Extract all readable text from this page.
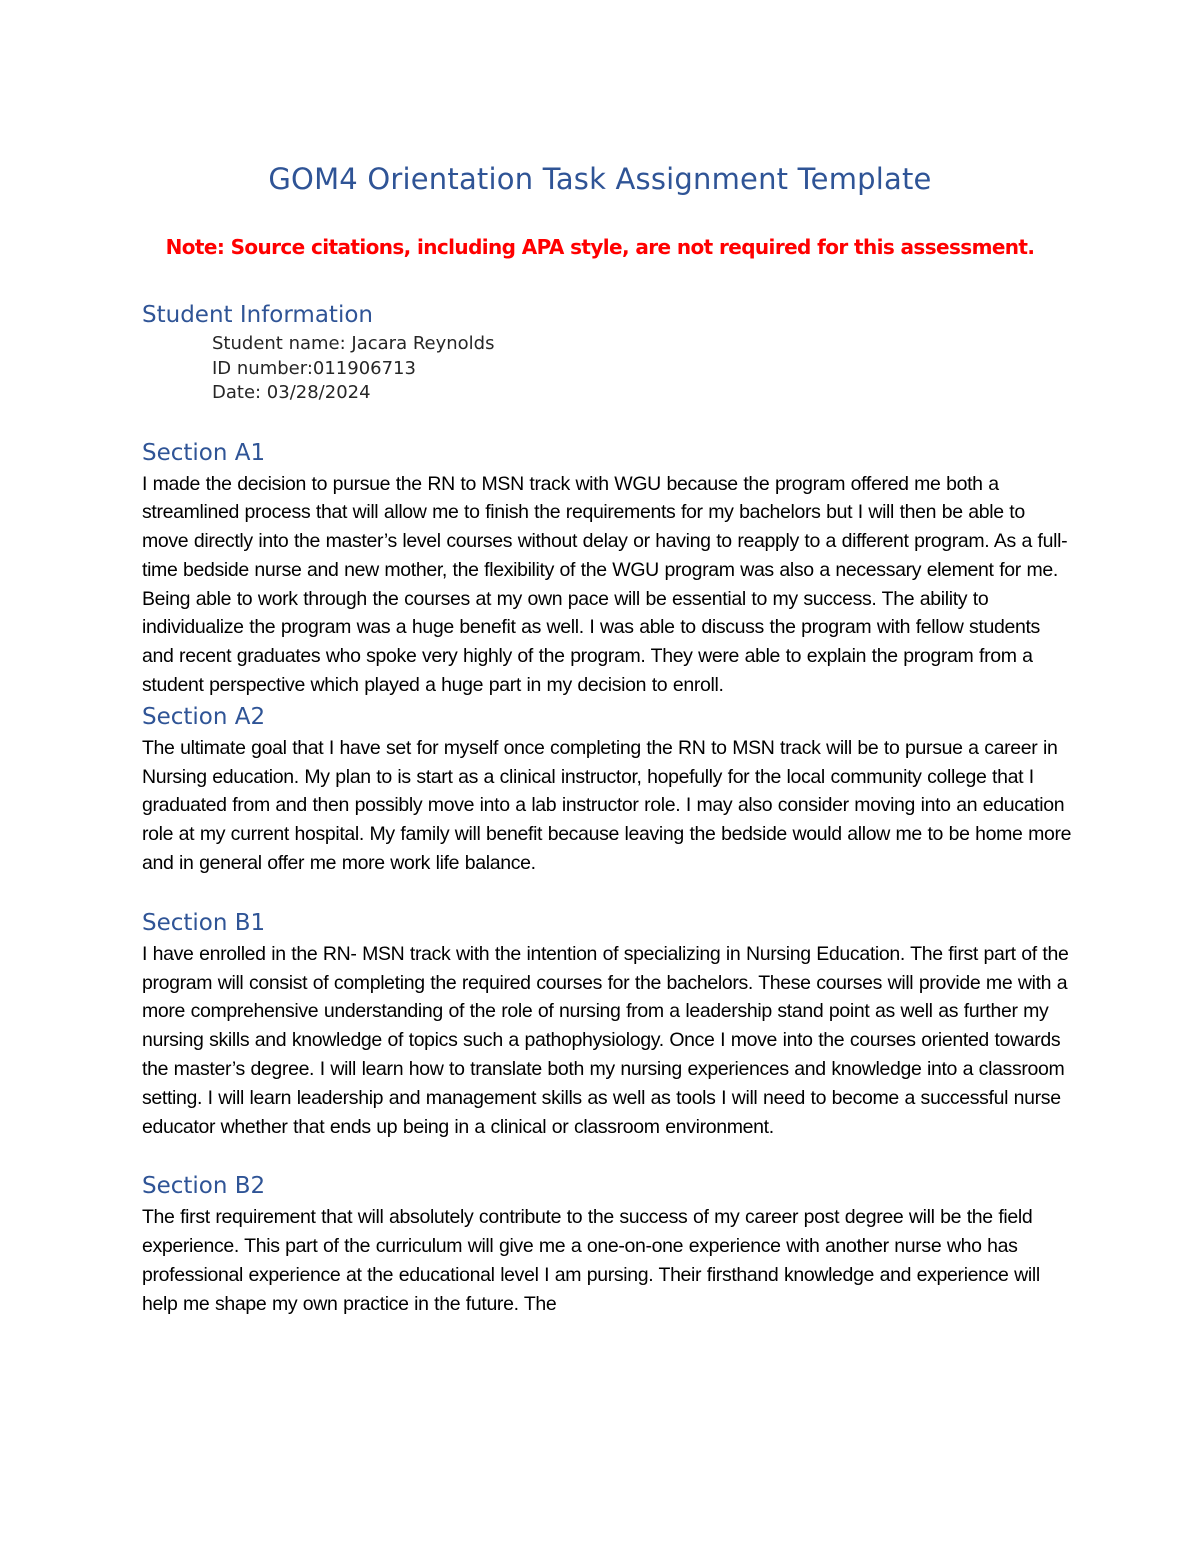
GOM4 Orientation Task Assignment Template

Note: Source citations, including APA style, are not required for this assessment.

Student Information
Student name: Jacara Reynolds
ID number:011906713
Date: 03/28/2024
Section A1

I made the decision to pursue the RN to MSN track with WGU because the program offered me both a streamlined process that will allow me to finish the requirements for my bachelors but I will then be able to move directly into the master’s level courses without delay or having to reapply to a different program. As a full-time bedside nurse and new mother, the flexibility of the WGU program was also a necessary element for me. Being able to work through the courses at my own pace will be essential to my success. The ability to individualize the program was a huge benefit as well. I was able to discuss the program with fellow students and recent graduates who spoke very highly of the program. They were able to explain the program from a student perspective which played a huge part in my decision to enroll.

Section A2

The ultimate goal that I have set for myself once completing the RN to MSN track will be to pursue a career in Nursing education. My plan to is start as a clinical instructor, hopefully for the local community college that I graduated from and then possibly move into a lab instructor role. I may also consider moving into an education role at my current hospital. My family will benefit because leaving the bedside would allow me to be home more and in general offer me more work life balance.

Section B1

I have enrolled in the RN- MSN track with the intention of specializing in Nursing Education. The first part of the program will consist of completing the required courses for the bachelors. These courses will provide me with a more comprehensive understanding of the role of nursing from a leadership stand point as well as further my nursing skills and knowledge of topics such a pathophysiology. Once I move into the courses oriented towards the master’s degree. I will learn how to translate both my nursing experiences and knowledge into a classroom setting. I will learn leadership and management skills as well as tools I will need to become a successful nurse educator whether that ends up being in a clinical or classroom environment.

Section B2

The first requirement that will absolutely contribute to the success of my career post degree will be the field experience. This part of the curriculum will give me a one-on-one experience with another nurse who has professional experience at the educational level I am pursing. Their firsthand knowledge and experience will help me shape my own practice in the future. The
